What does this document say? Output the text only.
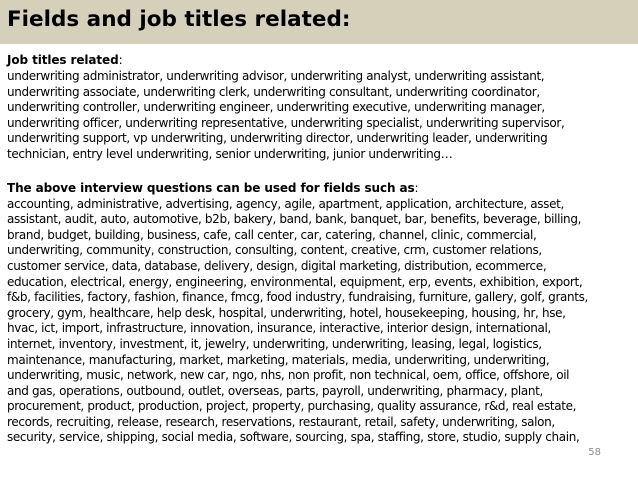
Fields and job titles related:
Job titles related:
underwriting administrator, underwriting advisor, underwriting analyst, underwriting assistant,
underwriting associate, underwriting clerk, underwriting consultant, underwriting coordinator,
underwriting controller, underwriting engineer, underwriting executive, underwriting manager,
underwriting officer, underwriting representative, underwriting specialist, underwriting supervisor,
underwriting support, vp underwriting, underwriting director, underwriting leader, underwriting
technician, entry level underwriting, senior underwriting, junior underwriting…
The above interview questions can be used for fields such as:
accounting, administrative, advertising, agency, agile, apartment, application, architecture, asset,
assistant, audit, auto, automotive, b2b, bakery, band, bank, banquet, bar, benefits, beverage, billing,
brand, budget, building, business, cafe, call center, car, catering, channel, clinic, commercial,
underwriting, community, construction, consulting, content, creative, crm, customer relations,
customer service, data, database, delivery, design, digital marketing, distribution, ecommerce,
education, electrical, energy, engineering, environmental, equipment, erp, events, exhibition, export,
f&b, facilities, factory, fashion, finance, fmcg, food industry, fundraising, furniture, gallery, golf, grants,
grocery, gym, healthcare, help desk, hospital, underwriting, hotel, housekeeping, housing, hr, hse,
hvac, ict, import, infrastructure, innovation, insurance, interactive, interior design, international,
internet, inventory, investment, it, jewelry, underwriting, underwriting, leasing, legal, logistics,
maintenance, manufacturing, market, marketing, materials, media, underwriting, underwriting,
underwriting, music, network, new car, ngo, nhs, non profit, non technical, oem, office, offshore, oil
and gas, operations, outbound, outlet, overseas, parts, payroll, underwriting, pharmacy, plant,
procurement, product, production, project, property, purchasing, quality assurance, r&d, real estate,
records, recruiting, release, research, reservations, restaurant, retail, safety, underwriting, salon,
security, service, shipping, social media, software, sourcing, spa, staffing, store, studio, supply chain,
58
